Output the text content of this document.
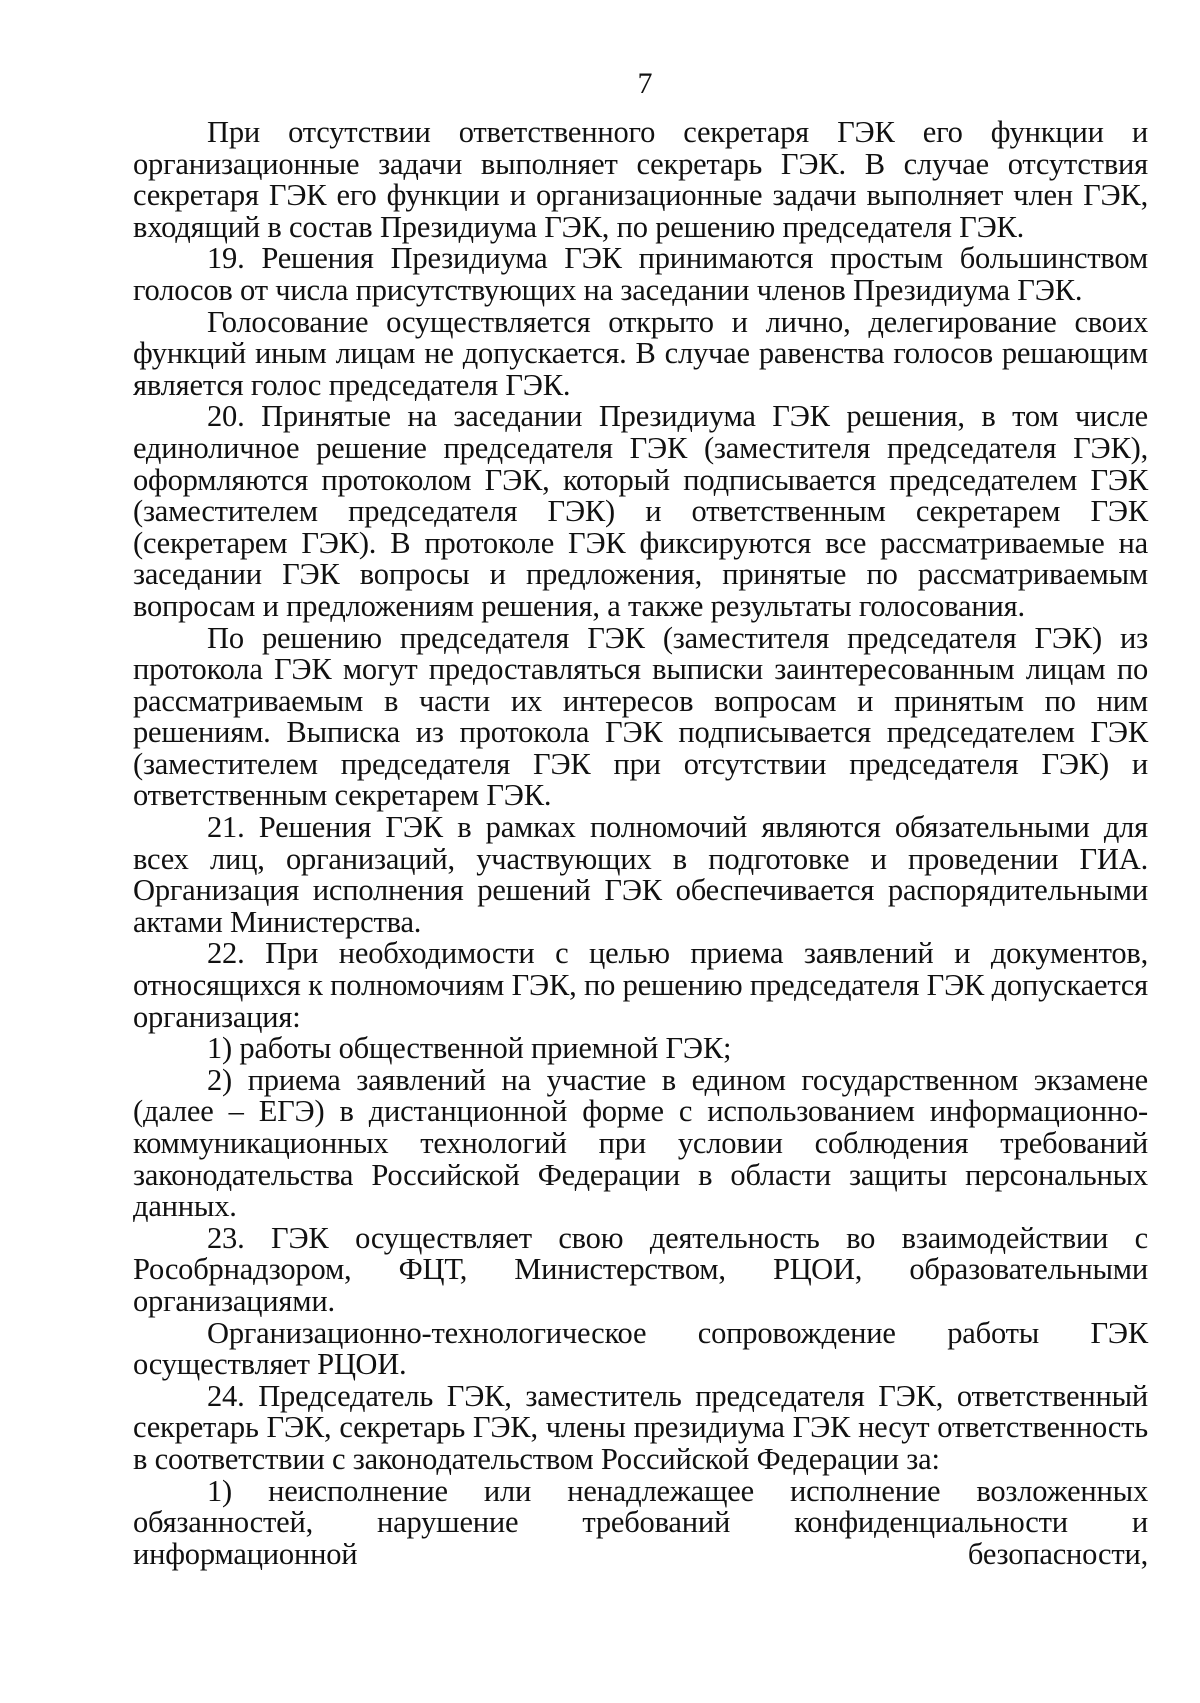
7

При отсутствии ответственного секретаря ГЭК его функции и организационные задачи выполняет секретарь ГЭК. В случае отсутствия секретаря ГЭК его функции и организационные задачи выполняет член ГЭК, входящий в состав Президиума ГЭК, по решению председателя ГЭК.

19. Решения Президиума ГЭК принимаются простым большинством голосов от числа присутствующих на заседании членов Президиума ГЭК.

Голосование осуществляется открыто и лично, делегирование своих функций иным лицам не допускается. В случае равенства голосов решающим является голос председателя ГЭК.

20. Принятые на заседании Президиума ГЭК решения, в том числе единоличное решение председателя ГЭК (заместителя председателя ГЭК), оформляются протоколом ГЭК, который подписывается председателем ГЭК (заместителем председателя ГЭК) и ответственным секретарем ГЭК (секретарем ГЭК). В протоколе ГЭК фиксируются все рассматриваемые на заседании ГЭК вопросы и предложения, принятые по рассматриваемым вопросам и предложениям решения, а также результаты голосования.

По решению председателя ГЭК (заместителя председателя ГЭК) из протокола ГЭК могут предоставляться выписки заинтересованным лицам по рассматриваемым в части их интересов вопросам и принятым по ним решениям. Выписка из протокола ГЭК подписывается председателем ГЭК (заместителем председателя ГЭК при отсутствии председателя ГЭК) и ответственным секретарем ГЭК.

21. Решения ГЭК в рамках полномочий являются обязательными для всех лиц, организаций, участвующих в подготовке и проведении ГИА. Организация исполнения решений ГЭК обеспечивается распорядительными актами Министерства.

22. При необходимости с целью приема заявлений и документов, относящихся к полномочиям ГЭК, по решению председателя ГЭК допускается организация:

1) работы общественной приемной ГЭК;

2) приема заявлений на участие в едином государственном экзамене (далее – ЕГЭ) в дистанционной форме с использованием информационно-коммуникационных технологий при условии соблюдения требований законодательства Российской Федерации в области защиты персональных данных.

23. ГЭК осуществляет свою деятельность во взаимодействии с Рособрнадзором, ФЦТ, Министерством, РЦОИ, образовательными организациями.

Организационно-технологическое сопровождение работы ГЭК осуществляет РЦОИ.

24. Председатель ГЭК, заместитель председателя ГЭК, ответственный секретарь ГЭК, секретарь ГЭК, члены президиума ГЭК несут ответственность в соответствии с законодательством Российской Федерации за:

1) неисполнение или ненадлежащее исполнение возложенных обязанностей, нарушение требований конфиденциальности и информационной безопасности,
